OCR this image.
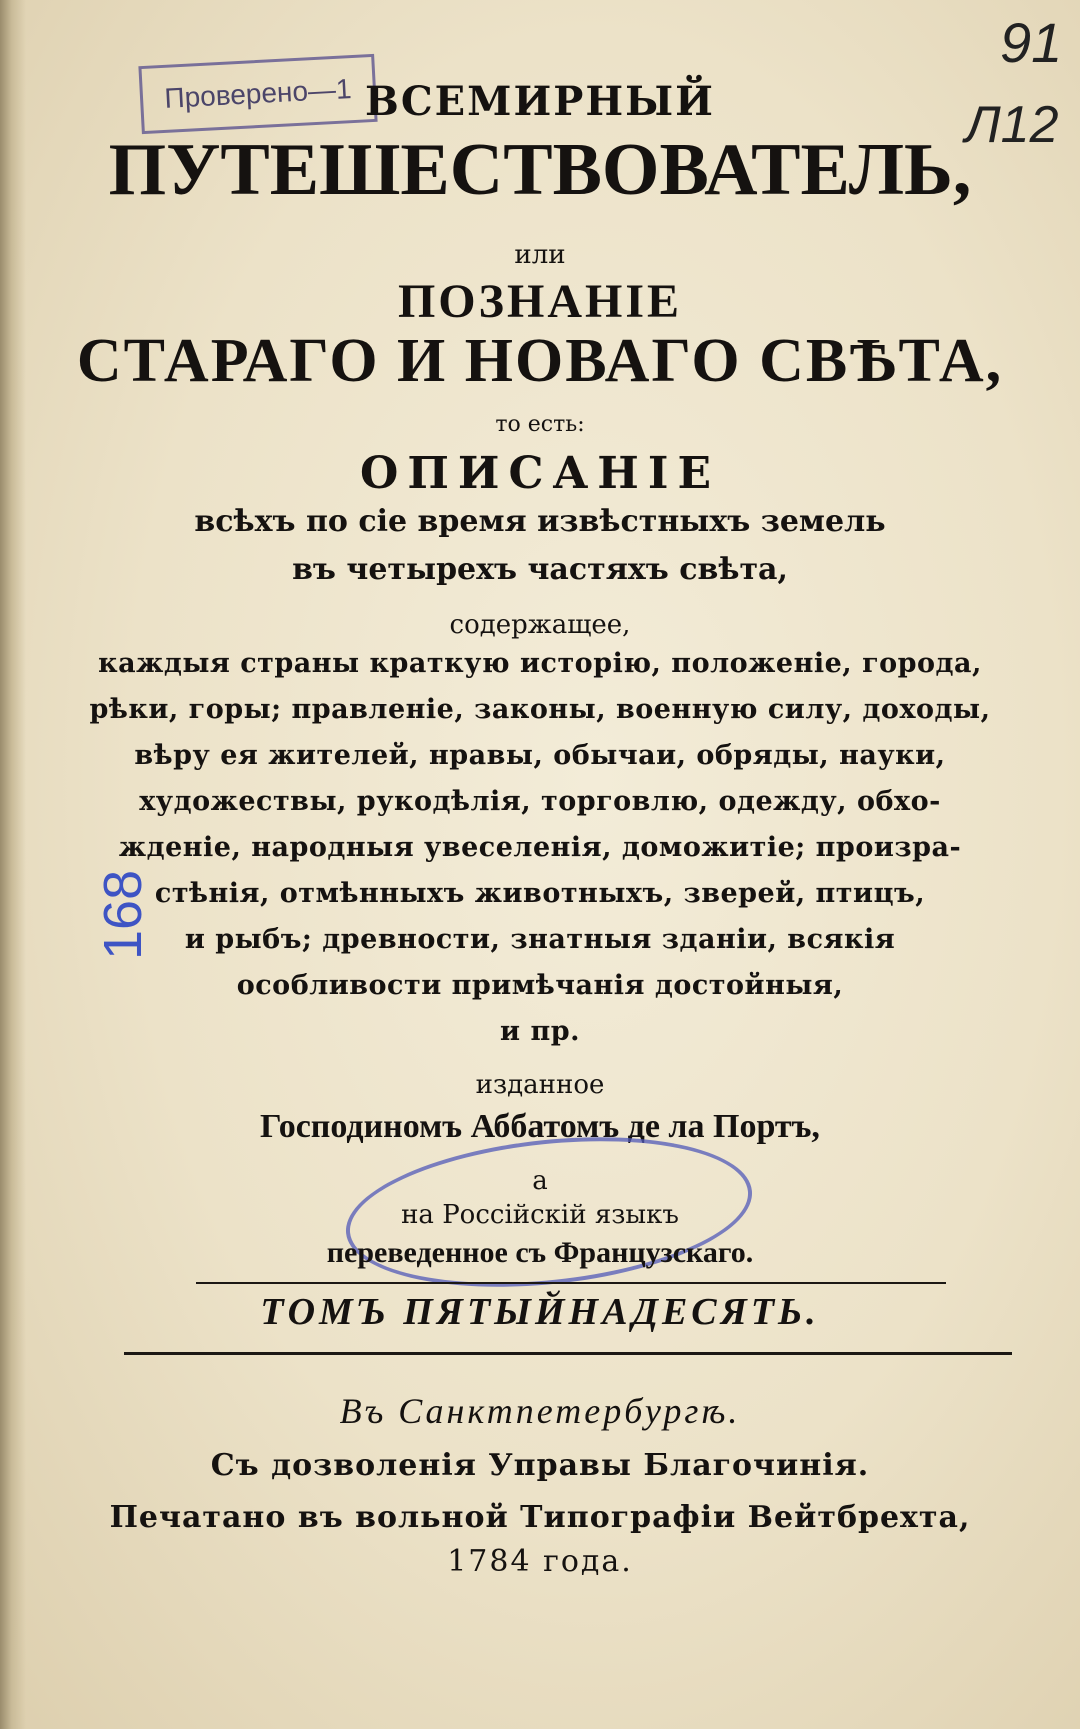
Проверено—1
91
Л12
168
ВСЕМИРНЫЙ
ПУТЕШЕСТВОВАТЕЛЬ,
или
ПОЗНАНIЕ
СТАРАГО И НОВАГО СВѢТА,
то есть:
ОПИСАНIЕ
всѣхъ по сiе время извѣстныхъ земель
въ четырехъ частяхъ свѣта,
содержащее,
каждыя страны краткую исторiю, положенiе, города,
рѣки, горы; правленiе, законы, военную силу, доходы,
вѣру ея жителей, нравы, обычаи, обряды, науки,
художествы, рукодѣлiя, торговлю, одежду, обхо-
жденiе, народныя увеселенiя, доможитiе; произра-
стѣнiя, отмѣнныхъ животныхъ, зверей, птицъ,
и рыбъ; древности, знатныя зданiи, всякiя
особливости примѣчанiя достойныя,
и пр.
изданное
Господиномъ Аббатомъ де ла Портъ,
а
на Россiйскiй языкъ
переведенное съ Французскаго.
ТОМЪ ПЯТЫЙНАДЕСЯТЬ.
Въ Санктпетербургѣ.
Съ дозволенiя Управы Благочинiя.
Печатано въ вольной Типографiи Вейтбрехта,
1784 года.
